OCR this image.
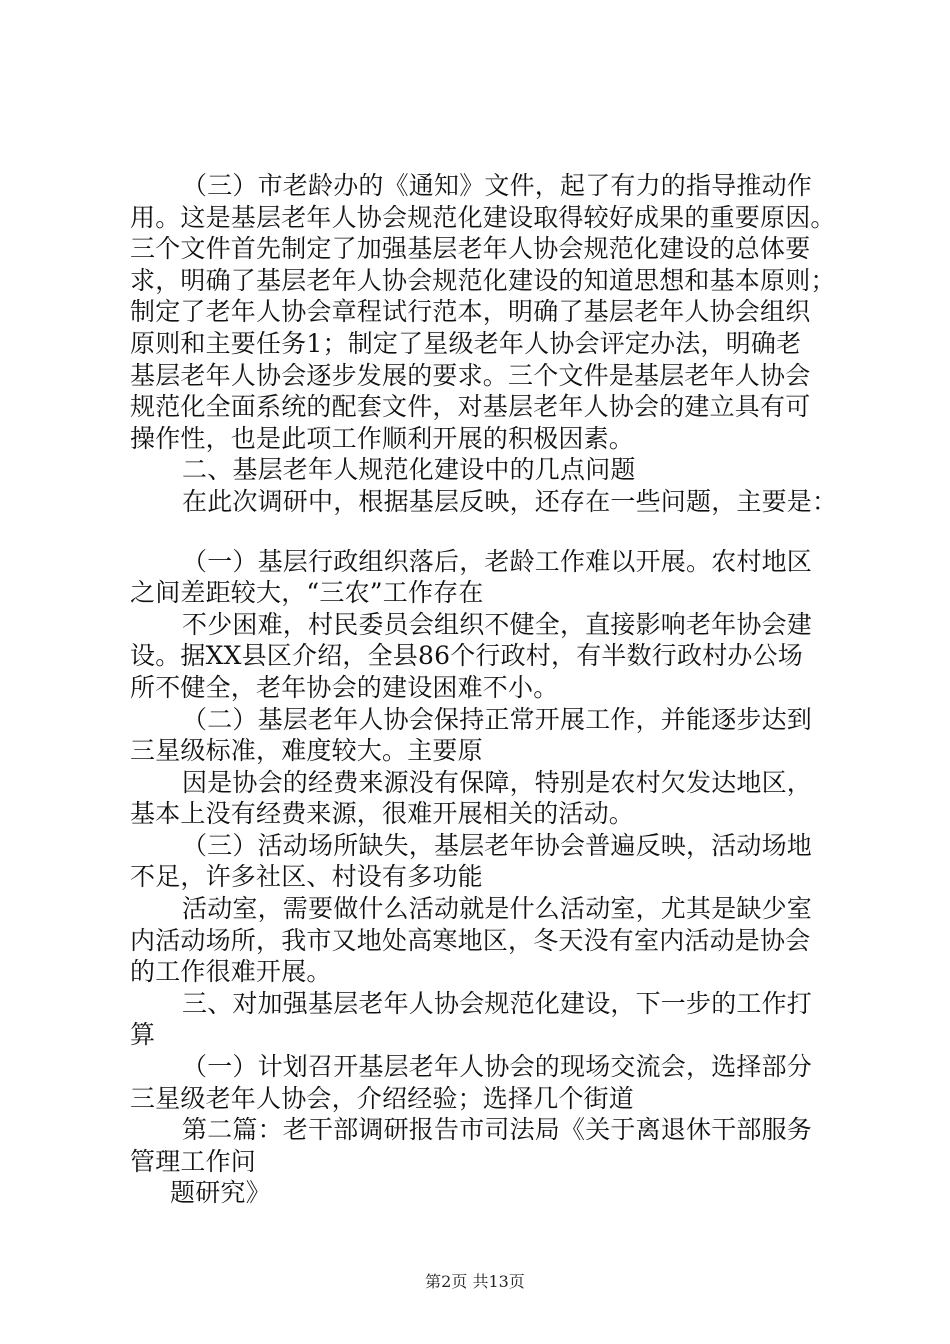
（三）市老龄办的《通知》文件，起了有力的指导推动作
用。这是基层老年人协会规范化建设取得较好成果的重要原因。
三个文件首先制定了加强基层老年人协会规范化建设的总体要
求，明确了基层老年人协会规范化建设的知道思想和基本原则；
制定了老年人协会章程试行范本，明确了基层老年人协会组织
原则和主要任务1；制定了星级老年人协会评定办法，明确老
基层老年人协会逐步发展的要求。三个文件是基层老年人协会
规范化全面系统的配套文件，对基层老年人协会的建立具有可
操作性，也是此项工作顺利开展的积极因素。
二、基层老年人规范化建设中的几点问题
在此次调研中，根据基层反映，还存在一些问题，主要是：
（一）基层行政组织落后，老龄工作难以开展。农村地区
之间差距较大，“三农”工作存在
不少困难，村民委员会组织不健全，直接影响老年协会建
设。据XX县区介绍，全县86个行政村，有半数行政村办公场
所不健全，老年协会的建设困难不小。
（二）基层老年人协会保持正常开展工作，并能逐步达到
三星级标准，难度较大。主要原
因是协会的经费来源没有保障，特别是农村欠发达地区，
基本上没有经费来源，很难开展相关的活动。
（三）活动场所缺失，基层老年协会普遍反映，活动场地
不足，许多社区、村设有多功能
活动室，需要做什么活动就是什么活动室，尤其是缺少室
内活动场所，我市又地处高寒地区，冬天没有室内活动是协会
的工作很难开展。
三、对加强基层老年人协会规范化建设，下一步的工作打
算
（一）计划召开基层老年人协会的现场交流会，选择部分
三星级老年人协会，介绍经验；选择几个街道
第二篇：老干部调研报告市司法局《关于离退休干部服务
管理工作问
题研究》
第2页 共13页
